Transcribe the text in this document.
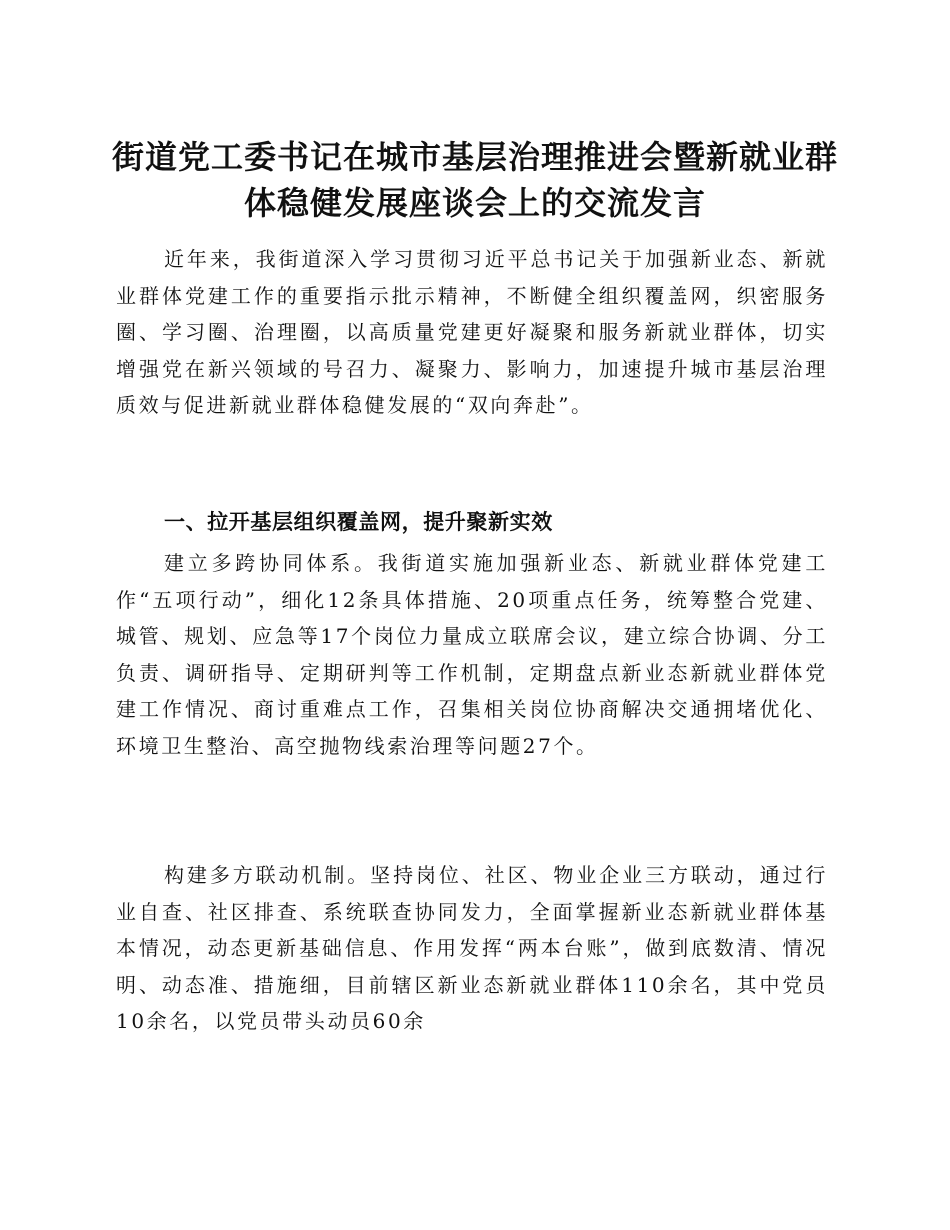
街道党工委书记在城市基层治理推进会暨新就业群体稳健发展座谈会上的交流发言

近年来，我街道深入学习贯彻习近平总书记关于加强新业态、新就业群体党建工作的重要指示批示精神，不断健全组织覆盖网，织密服务圈、学习圈、治理圈，以高质量党建更好凝聚和服务新就业群体，切实增强党在新兴领域的号召力、凝聚力、影响力，加速提升城市基层治理质效与促进新就业群体稳健发展的“双向奔赴”。

一、拉开基层组织覆盖网，提升聚新实效

建立多跨协同体系。我街道实施加强新业态、新就业群体党建工作“五项行动”，细化12条具体措施、20项重点任务，统筹整合党建、城管、规划、应急等17个岗位力量成立联席会议，建立综合协调、分工负责、调研指导、定期研判等工作机制，定期盘点新业态新就业群体党建工作情况、商讨重难点工作，召集相关岗位协商解决交通拥堵优化、环境卫生整治、高空抛物线索治理等问题27个。

构建多方联动机制。坚持岗位、社区、物业企业三方联动，通过行业自查、社区排查、系统联查协同发力，全面掌握新业态新就业群体基本情况，动态更新基础信息、作用发挥“两本台账”，做到底数清、情况明、动态准、措施细，目前辖区新业态新就业群体110余名，其中党员10余名，以党员带头动员60余
